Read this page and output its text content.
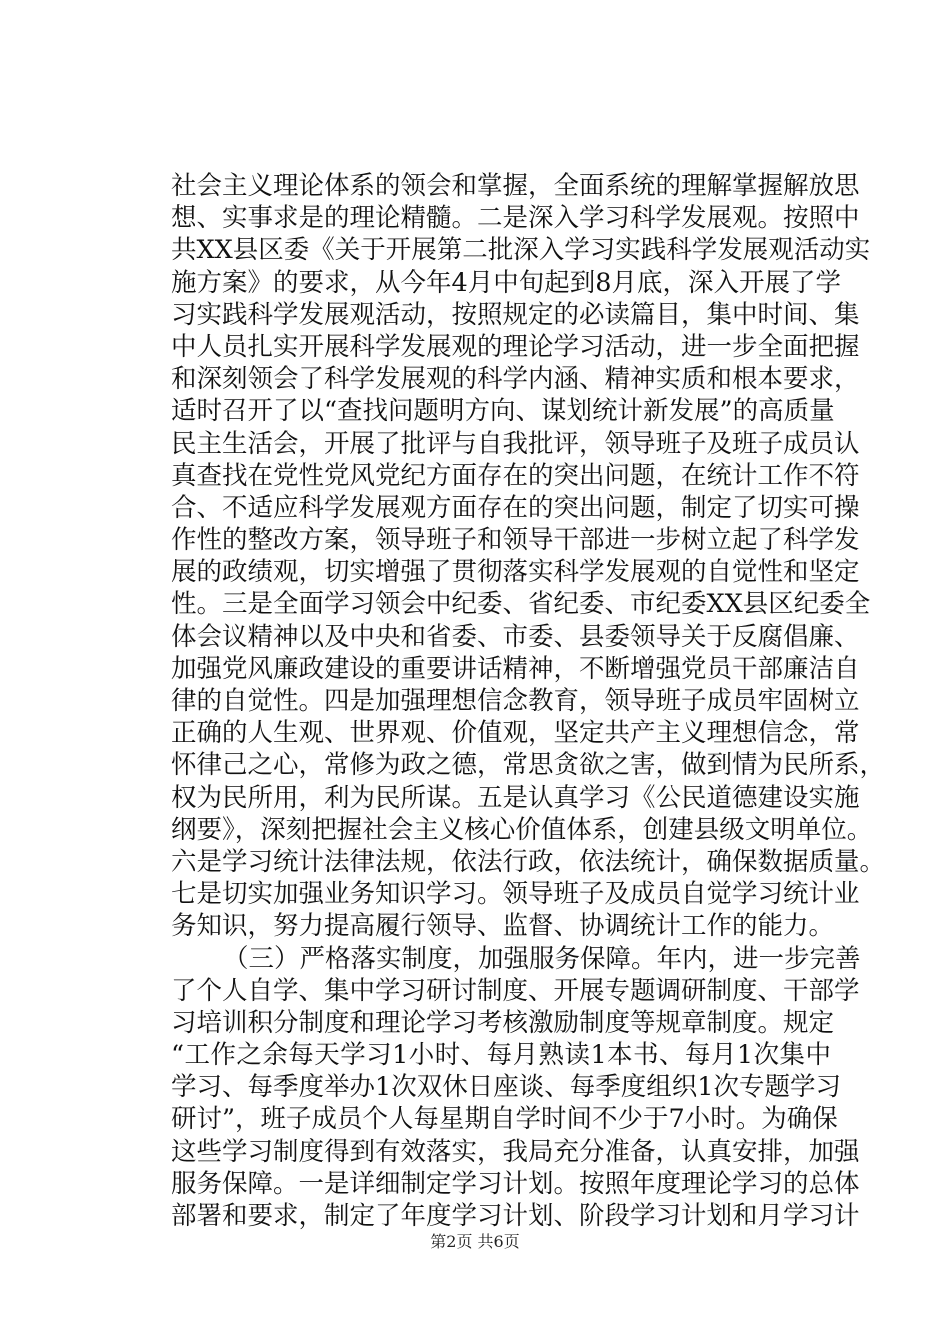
社会主义理论体系的领会和掌握，全面系统的理解掌握解放思
想、实事求是的理论精髓。二是深入学习科学发展观。按照中
共XX县区委《关于开展第二批深入学习实践科学发展观活动实
施方案》的要求，从今年4月中旬起到8月底，深入开展了学
习实践科学发展观活动，按照规定的必读篇目，集中时间、集
中人员扎实开展科学发展观的理论学习活动，进一步全面把握
和深刻领会了科学发展观的科学内涵、精神实质和根本要求，
适时召开了以“查找问题明方向、谋划统计新发展”的高质量
民主生活会，开展了批评与自我批评，领导班子及班子成员认
真查找在党性党风党纪方面存在的突出问题，在统计工作不符
合、不适应科学发展观方面存在的突出问题，制定了切实可操
作性的整改方案，领导班子和领导干部进一步树立起了科学发
展的政绩观，切实增强了贯彻落实科学发展观的自觉性和坚定
性。三是全面学习领会中纪委、省纪委、市纪委XX县区纪委全
体会议精神以及中央和省委、市委、县委领导关于反腐倡廉、
加强党风廉政建设的重要讲话精神，不断增强党员干部廉洁自
律的自觉性。四是加强理想信念教育，领导班子成员牢固树立
正确的人生观、世界观、价值观，坚定共产主义理想信念，常
怀律己之心，常修为政之德，常思贪欲之害，做到情为民所系，
权为民所用，利为民所谋。五是认真学习《公民道德建设实施
纲要》，深刻把握社会主义核心价值体系，创建县级文明单位。
六是学习统计法律法规，依法行政，依法统计，确保数据质量。
七是切实加强业务知识学习。领导班子及成员自觉学习统计业
务知识，努力提高履行领导、监督、协调统计工作的能力。
（三）严格落实制度，加强服务保障。年内，进一步完善
了个人自学、集中学习研讨制度、开展专题调研制度、干部学
习培训积分制度和理论学习考核激励制度等规章制度。规定
“工作之余每天学习1小时、每月熟读1本书、每月1次集中
学习、每季度举办1次双休日座谈、每季度组织1次专题学习
研讨”，班子成员个人每星期自学时间不少于7小时。为确保
这些学习制度得到有效落实，我局充分准备，认真安排，加强
服务保障。一是详细制定学习计划。按照年度理论学习的总体
部署和要求，制定了年度学习计划、阶段学习计划和月学习计
第2页 共6页
